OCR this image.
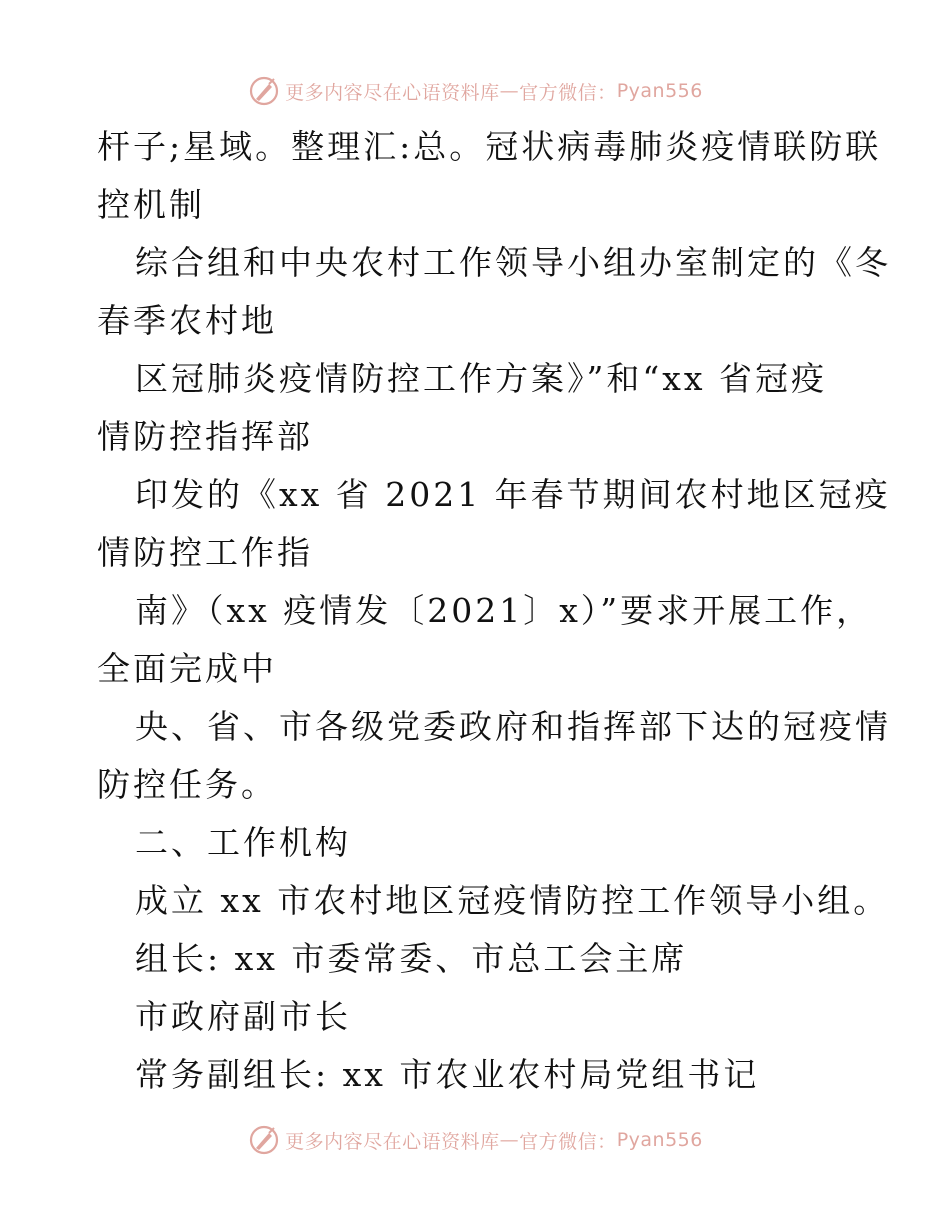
更多内容尽在心语资料库 — 官方微信： Pyan556
杆子;星域。整理汇:总。冠状病毒肺炎疫情联防联
控机制
综合组和中央农村工作领导小组办室制定的《冬
春季农村地
区冠肺炎疫情防控工作方案》”和“xx 省冠疫
情防控指挥部
印发的《xx 省 2021 年春节期间农村地区冠疫
情防控工作指
南》（xx 疫情发〔2021〕x）”要求开展工作，
全面完成中
央、省、市各级党委政府和指挥部下达的冠疫情
防控任务。
二、工作机构
成立 xx 市农村地区冠疫情防控工作领导小组。
组长: xx 市委常委、市总工会主席
市政府副市长
常务副组长: xx 市农业农村局党组书记
更多内容尽在心语资料库 — 官方微信： Pyan556
